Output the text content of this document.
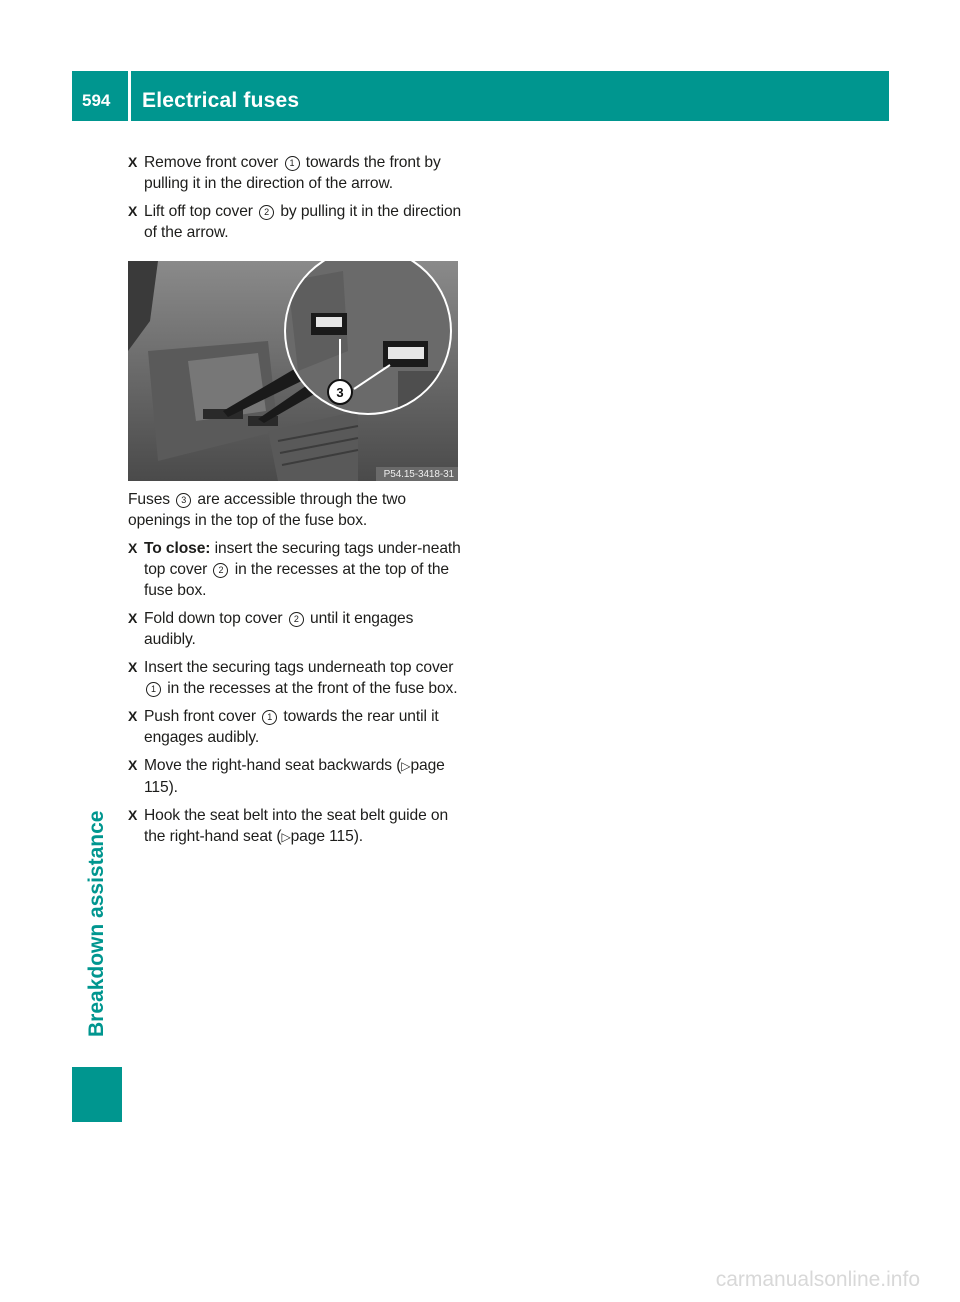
594 Electrical fuses
Breakdown assistance
X Remove front cover 1 towards the front by pulling it in the direction of the arrow.
X Lift off top cover 2 by pulling it in the direction of the arrow.
3
P54.15-3418-31
Fuses 3 are accessible through the two openings in the top of the fuse box.
X To close: insert the securing tags under-neath top cover 2 in the recesses at the top of the fuse box.
X Fold down top cover 2 until it engages audibly.
X Insert the securing tags underneath top cover 1 in the recesses at the front of the fuse box.
X Push front cover 1 towards the rear until it engages audibly.
X Move the right-hand seat backwards (▷page 115).
X Hook the seat belt into the seat belt guide on the right-hand seat (▷page 115).
carmanualsonline.info
